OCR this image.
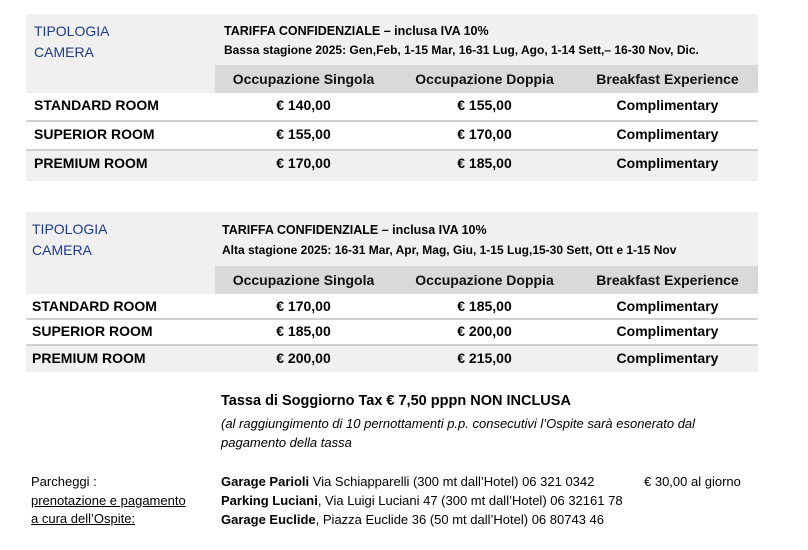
TIPOLOGIA
CAMERA
TARIFFA CONFIDENZIALE – inclusa IVA 10%
Bassa stagione 2025: Gen,Feb, 1-15 Mar, 16-31 Lug, Ago, 1-14 Sett,– 16-30 Nov, Dic.
Occupazione Singola	Occupazione Doppia	Breakfast Experience
STANDARD ROOM	€ 140,00	€ 155,00	Complimentary
SUPERIOR ROOM	€ 155,00	€ 170,00	Complimentary
PREMIUM ROOM	€ 170,00	€ 185,00	Complimentary
TIPOLOGIA
CAMERA
TARIFFA CONFIDENZIALE – inclusa IVA 10%
Alta stagione 2025: 16-31 Mar, Apr, Mag, Giu, 1-15 Lug,15-30 Sett, Ott e 1-15 Nov
Occupazione Singola	Occupazione Doppia	Breakfast Experience
STANDARD ROOM	€ 170,00	€ 185,00	Complimentary
SUPERIOR ROOM	€ 185,00	€ 200,00	Complimentary
PREMIUM ROOM	€ 200,00	€ 215,00	Complimentary
Tassa di Soggiorno Tax € 7,50 pppn NON INCLUSA
(al raggiungimento di 10 pernottamenti p.p. consecutivi l’Ospite sarà esonerato dal
pagamento della tassa
Parcheggi :
prenotazione e pagamento
a cura dell’Ospite:
Garage Parioli Via Schiapparelli (300 mt dall’Hotel) 06 321 0342	€ 30,00 al giorno
Parking Luciani, Via Luigi Luciani 47 (300 mt dall’Hotel) 06 32161 78
Garage Euclide, Piazza Euclide 36 (50 mt dall’Hotel) 06 80743 46
